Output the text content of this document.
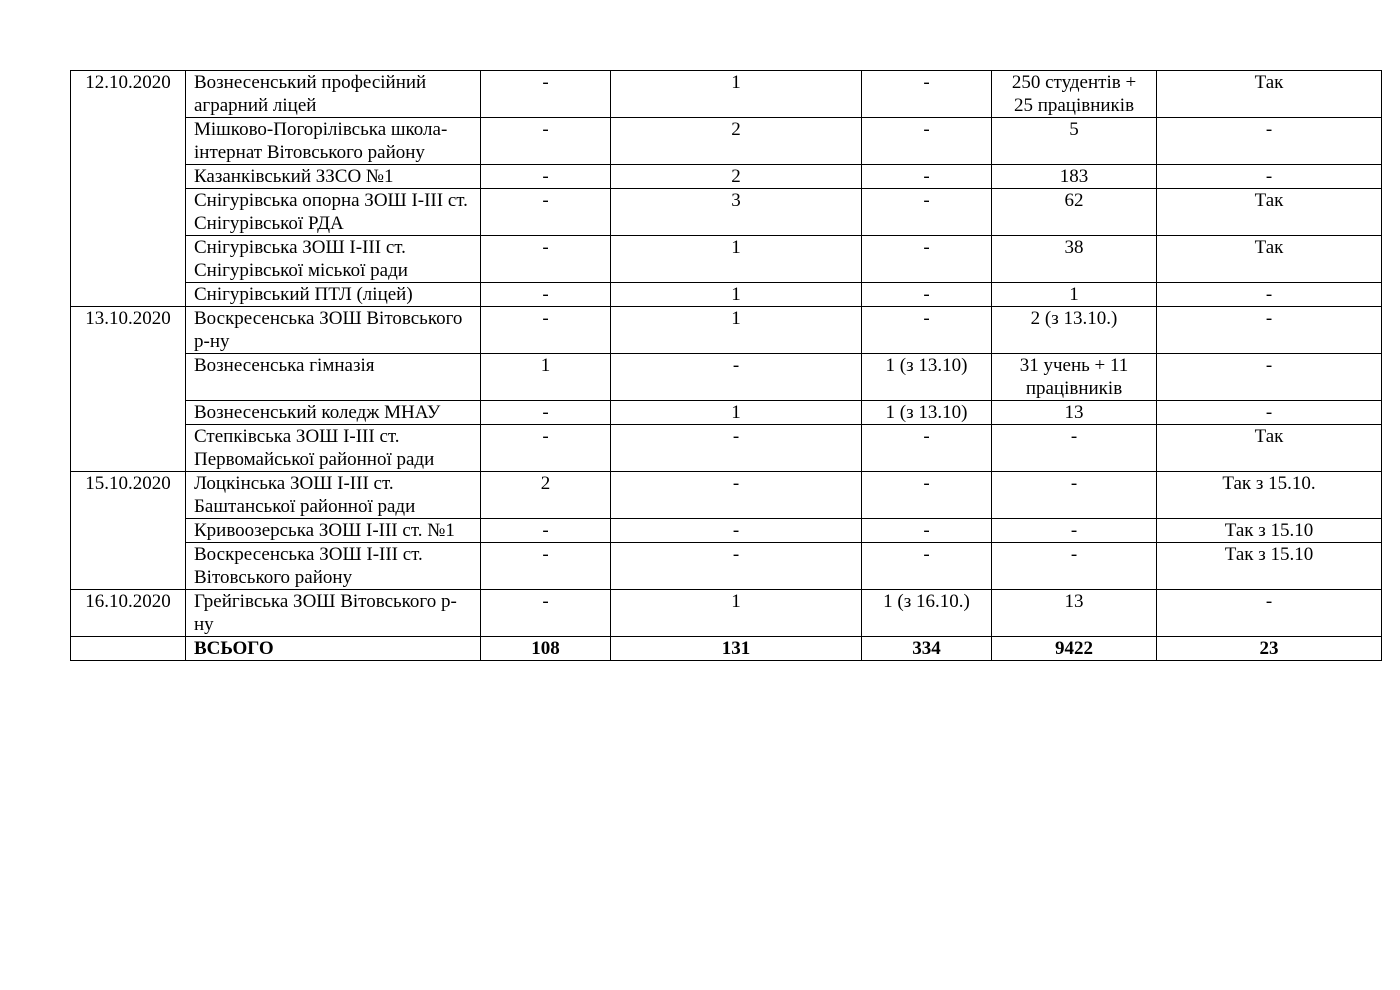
12.10.2020	Вознесенський професійний аграрний ліцей	-	1	-	250 студентів + 25 працівників	Так
	Мішково-Погорілівська школа-інтернат Вітовського району	-	2	-	5	-
	Казанківський ЗЗСО №1	-	2	-	183	-
	Снігурівська опорна ЗОШ І-ІІІ ст. Снігурівської РДА	-	3	-	62	Так
	Снігурівська ЗОШ І-ІІІ ст. Снігурівської міської ради	-	1	-	38	Так
	Снігурівський ПТЛ (ліцей)	-	1	-	1	-
13.10.2020	Воскресенська ЗОШ Вітовського р-ну	-	1	-	2 (з 13.10.)	-
	Вознесенська гімназія	1	-	1 (з 13.10)	31 учень + 11 працівників	-
	Вознесенський коледж МНАУ	-	1	1 (з 13.10)	13	-
	Степківська ЗОШ І-ІІІ ст. Первомайської районної ради	-	-	-	-	Так
15.10.2020	Лоцкінська ЗОШ І-ІІІ ст. Баштанської районної ради	2	-	-	-	Так з 15.10.
	Кривоозерська ЗОШ І-ІІІ ст. №1	-	-	-	-	Так з 15.10
	Воскресенська ЗОШ І-ІІІ ст. Вітовського району	-	-	-	-	Так з 15.10
16.10.2020	Грейгівська ЗОШ Вітовського р-ну	-	1	1 (з 16.10.)	13	-
	ВСЬОГО	108	131	334	9422	23
